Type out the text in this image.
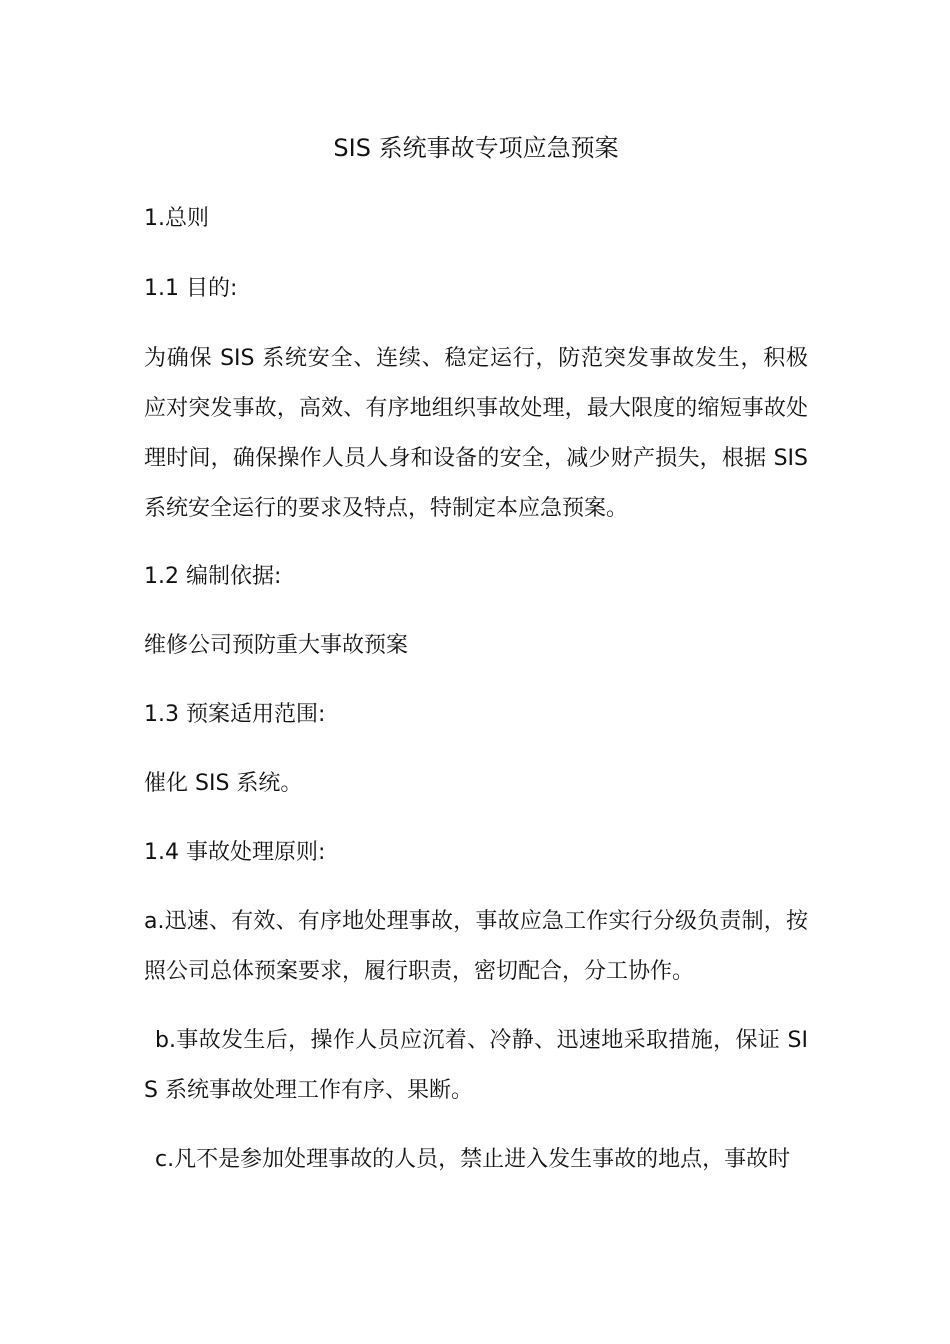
SIS 系统事故专项应急预案
1.总则
1.1 目的:
为确保 SIS 系统安全、连续、稳定运行，防范突发事故发生，积极应对突发事故，高效、有序地组织事故处理，最大限度的缩短事故处理时间，确保操作人员人身和设备的安全，减少财产损失，根据 SIS 系统安全运行的要求及特点，特制定本应急预案。
1.2 编制依据:
维修公司预防重大事故预案
1.3 预案适用范围:
催化 SIS 系统。
1.4 事故处理原则:
a.迅速、有效、有序地处理事故，事故应急工作实行分级负责制，按照公司总体预案要求，履行职责，密切配合，分工协作。
b.事故发生后，操作人员应沉着、冷静、迅速地采取措施，保证 SIS 系统事故处理工作有序、果断。
c.凡不是参加处理事故的人员，禁止进入发生事故的地点，事故时
